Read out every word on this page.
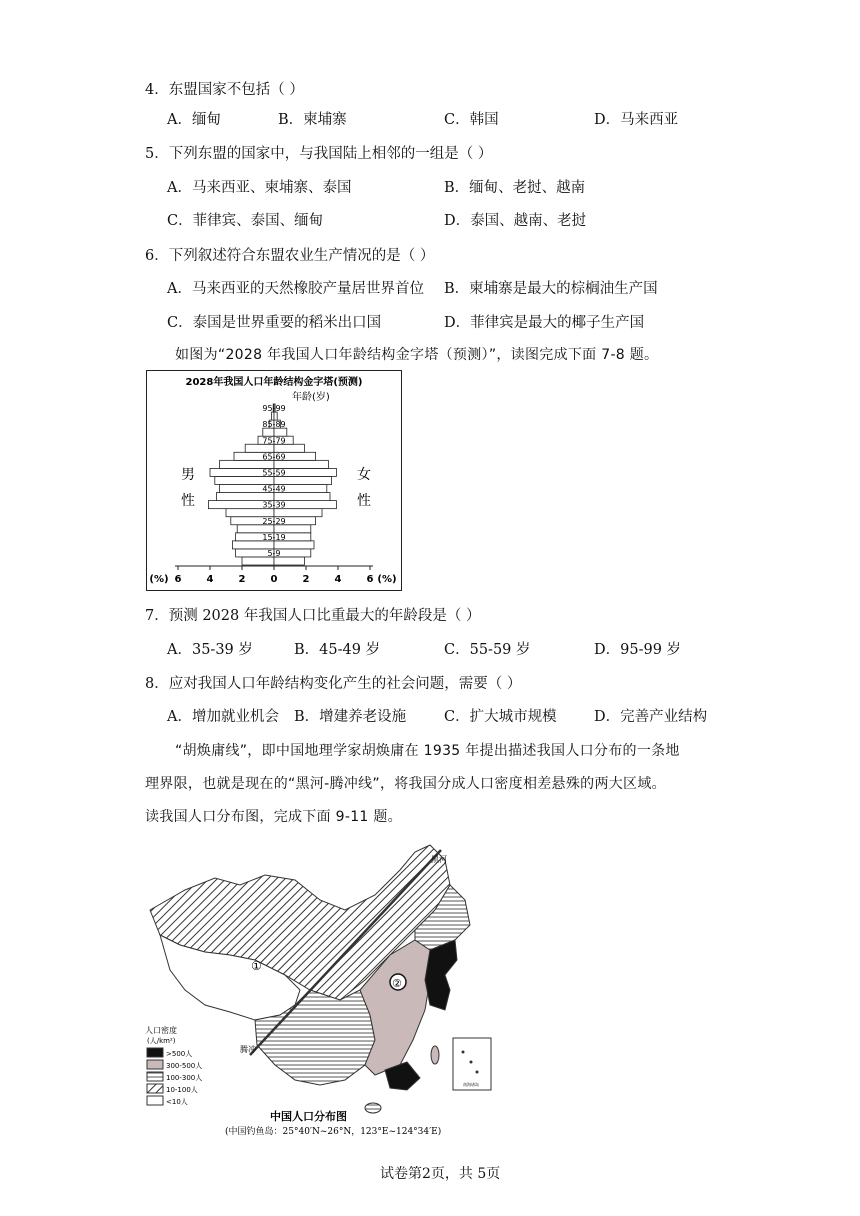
4．东盟国家不包括（ ）
A．缅甸	B．柬埔寨	C．韩国	D．马来西亚
5．下列东盟的国家中，与我国陆上相邻的一组是（ ）
A．马来西亚、柬埔寨、泰国	B．缅甸、老挝、越南
C．菲律宾、泰国、缅甸	D．泰国、越南、老挝
6．下列叙述符合东盟农业生产情况的是（ ）
A．马来西亚的天然橡胶产量居世界首位 B．柬埔寨是最大的棕榈油生产国
C．泰国是世界重要的稻米出口国	D．菲律宾是最大的椰子生产国
如图为“2028 年我国人口年龄结构金字塔（预测）”，读图完成下面 7-8 题。
2028年我国人口年龄结构金字塔(预测)
年龄(岁)
男
性
女
性
95-99
85-89
75-79
65-69
55-59
45-49
35-39
25-29
15-19
5-9
(%) 6	4	2	0	2	4	6 (%)
7．预测 2028 年我国人口比重最大的年龄段是（ ）
A．35-39 岁	B．45-49 岁	C．55-59 岁	D．95-99 岁
8．应对我国人口年龄结构变化产生的社会问题，需要（ ）
A．增加就业机会 B．增建养老设施	C．扩大城市规模	D．完善产业结构
“胡焕庸线”，即中国地理学家胡焕庸在 1935 年提出描述我国人口分布的一条地
理界限，也就是现在的“黑河-腾冲线”，将我国分成人口密度相差悬殊的两大区域。
读我国人口分布图，完成下面 9-11 题。
黑河
腾冲
①
②
人口密度
(人/km²)
>500人
300-500人
100-300人
10-100人
<10人
南海诸岛
中国人口分布图
(中国钓鱼岛：25°40′N~26°N，123°E~124°34′E)
试卷第2页，共 5页
